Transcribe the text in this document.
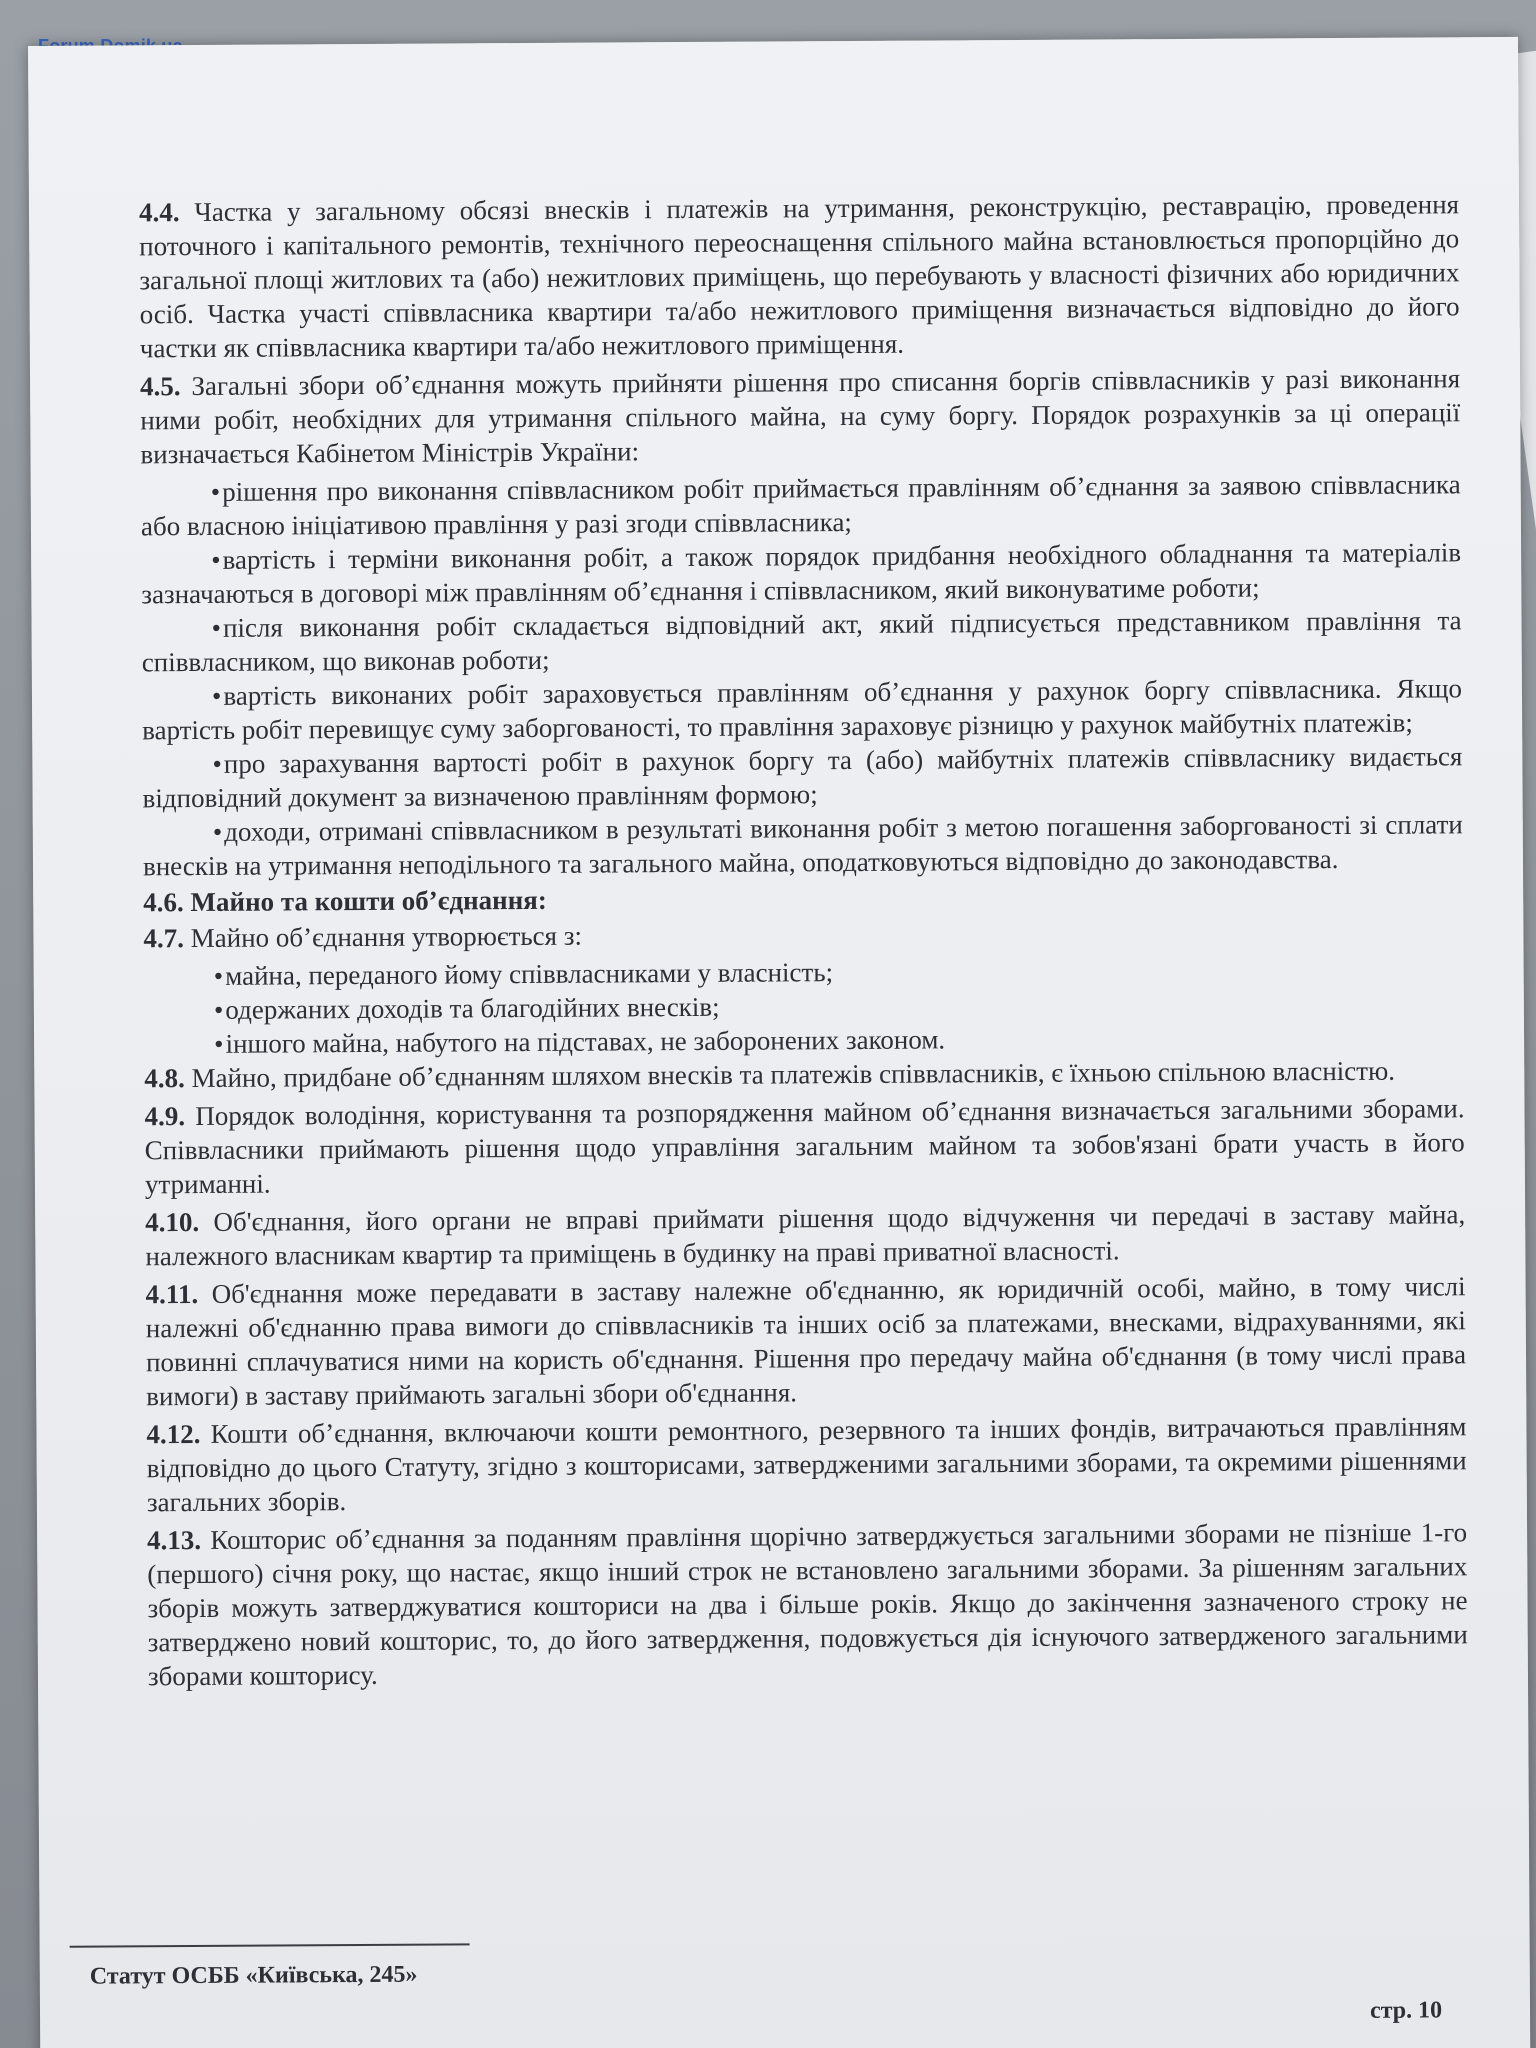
4.4. Частка у загальному обсязі внесків і платежів на утримання, реконструкцію, реставрацію, проведення поточного і капітального ремонтів, технічного переоснащення спільного майна встановлюється пропорційно до загальної площі житлових та (або) нежитлових приміщень, що перебувають у власності фізичних або юридичних осіб. Частка участі співвласника квартири та/або нежитлового приміщення визначається відповідно до його частки як співвласника квартири та/або нежитлового приміщення.

4.5. Загальні збори об’єднання можуть прийняти рішення про списання боргів співвласників у разі виконання ними робіт, необхідних для утримання спільного майна, на суму боргу. Порядок розрахунків за ці операції визначається Кабінетом Міністрів України:

• рішення про виконання співвласником робіт приймається правлінням об’єднання за заявою співвласника або власною ініціативою правління у разі згоди співвласника;
• вартість і терміни виконання робіт, а також порядок придбання необхідного обладнання та матеріалів зазначаються в договорі між правлінням об’єднання і співвласником, який виконуватиме роботи;
• після виконання робіт складається відповідний акт, який підписується представником правління та співвласником, що виконав роботи;
• вартість виконаних робіт зараховується правлінням об’єднання у рахунок боргу співвласника. Якщо вартість робіт перевищує суму заборгованості, то правління зараховує різницю у рахунок майбутніх платежів;
• про зарахування вартості робіт в рахунок боргу та (або) майбутніх платежів співвласнику видається відповідний документ за визначеною правлінням формою;
• доходи, отримані співвласником в результаті виконання робіт з метою погашення заборгованості зі сплати внесків на утримання неподільного та загального майна, оподатковуються відповідно до законодавства.

4.6. Майно та кошти об’єднання:

4.7. Майно об’єднання утворюється з:

• майна, переданого йому співвласниками у власність;
• одержаних доходів та благодійних внесків;
• іншого майна, набутого на підставах, не заборонених законом.

4.8. Майно, придбане об’єднанням шляхом внесків та платежів співвласників, є їхньою спільною власністю.

4.9. Порядок володіння, користування та розпорядження майном об’єднання визначається загальними зборами. Співвласники приймають рішення щодо управління загальним майном та зобов'язані брати участь в його утриманні.

4.10. Об'єднання, його органи не вправі приймати рішення щодо відчуження чи передачі в заставу майна, належного власникам квартир та приміщень в будинку на праві приватної власності.

4.11. Об'єднання може передавати в заставу належне об'єднанню, як юридичній особі, майно, в тому числі належні об'єднанню права вимоги до співвласників та інших осіб за платежами, внесками, відрахуваннями, які повинні сплачуватися ними на користь об'єднання. Рішення про передачу майна об'єднання (в тому числі права вимоги) в заставу приймають загальні збори об'єднання.

4.12. Кошти об’єднання, включаючи кошти ремонтного, резервного та інших фондів, витрачаються правлінням відповідно до цього Статуту, згідно з кошторисами, затвердженими загальними зборами, та окремими рішеннями загальних зборів.

4.13. Кошторис об’єднання за поданням правління щорічно затверджується загальними зборами не пізніше 1-го (першого) січня року, що настає, якщо інший строк не встановлено загальними зборами. За рішенням загальних зборів можуть затверджуватися кошториси на два і більше років. Якщо до закінчення зазначеного строку не затверджено новий кошторис, то, до його затвердження, подовжується дія існуючого затвердженого загальними зборами кошторису.

Статут ОСББ «Київська, 245»
стр. 10
